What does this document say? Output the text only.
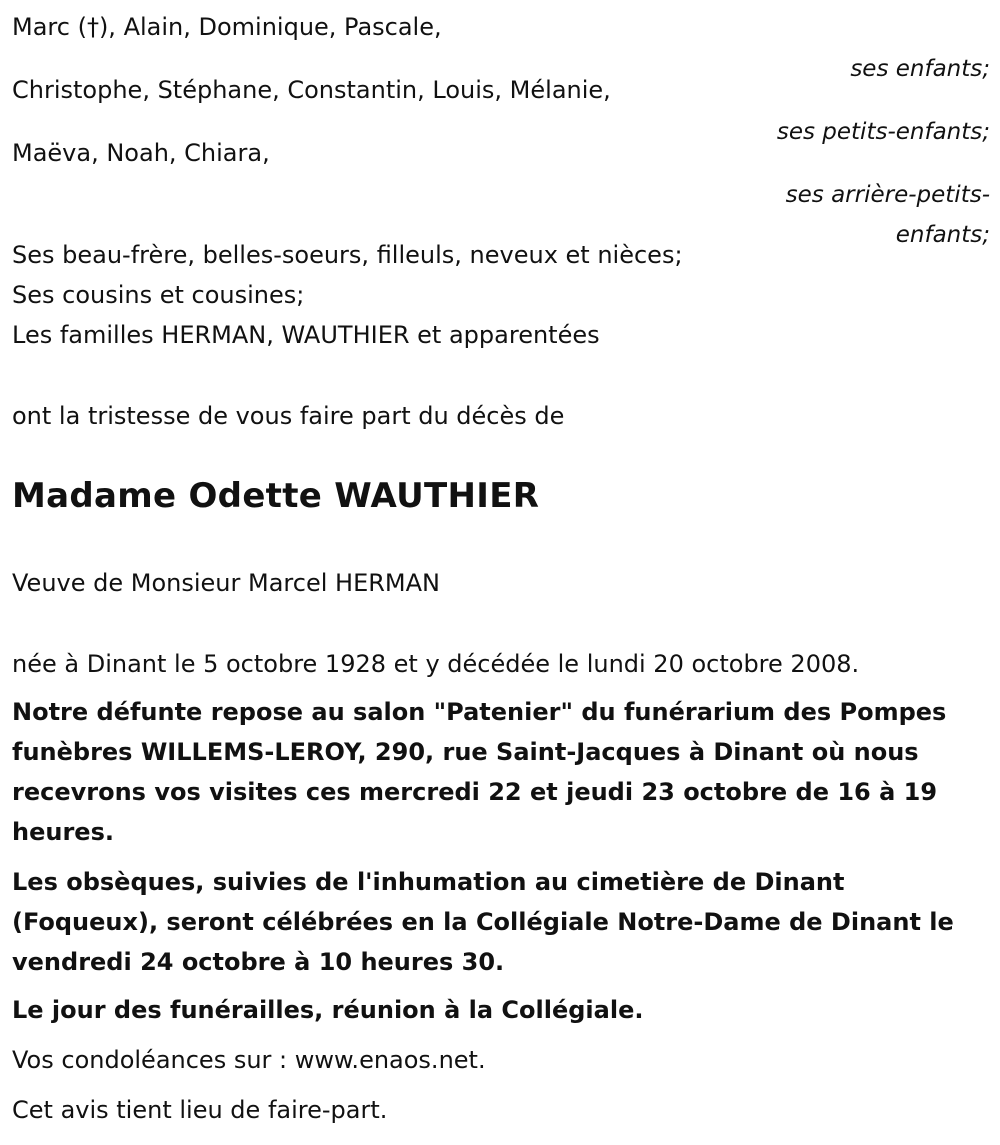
Marc (†), Alain, Dominique, Pascale,

ses enfants;

Christophe, Stéphane, Constantin, Louis, Mélanie,

ses petits-enfants;

Maëva, Noah, Chiara,

ses arrière-petits-enfants;

Ses beau-frère, belles-soeurs, filleuls, neveux et nièces;
Ses cousins et cousines;
Les familles HERMAN, WAUTHIER et apparentées
ont la tristesse de vous faire part du décès de
Madame Odette WAUTHIER
Veuve de Monsieur Marcel HERMAN
née à Dinant le 5 octobre 1928 et y décédée le lundi 20 octobre 2008.
Notre défunte repose au salon "Patenier" du funérarium des Pompes funèbres WILLEMS-LEROY, 290, rue Saint-Jacques à Dinant où nous recevrons vos visites ces mercredi 22 et jeudi 23 octobre de 16 à 19 heures.
Les obsèques, suivies de l'inhumation au cimetière de Dinant (Foqueux), seront célébrées en la Collégiale Notre-Dame de Dinant le vendredi 24 octobre à 10 heures 30.
Le jour des funérailles, réunion à la Collégiale.
Vos condoléances sur : www.enaos.net.
Cet avis tient lieu de faire-part.
